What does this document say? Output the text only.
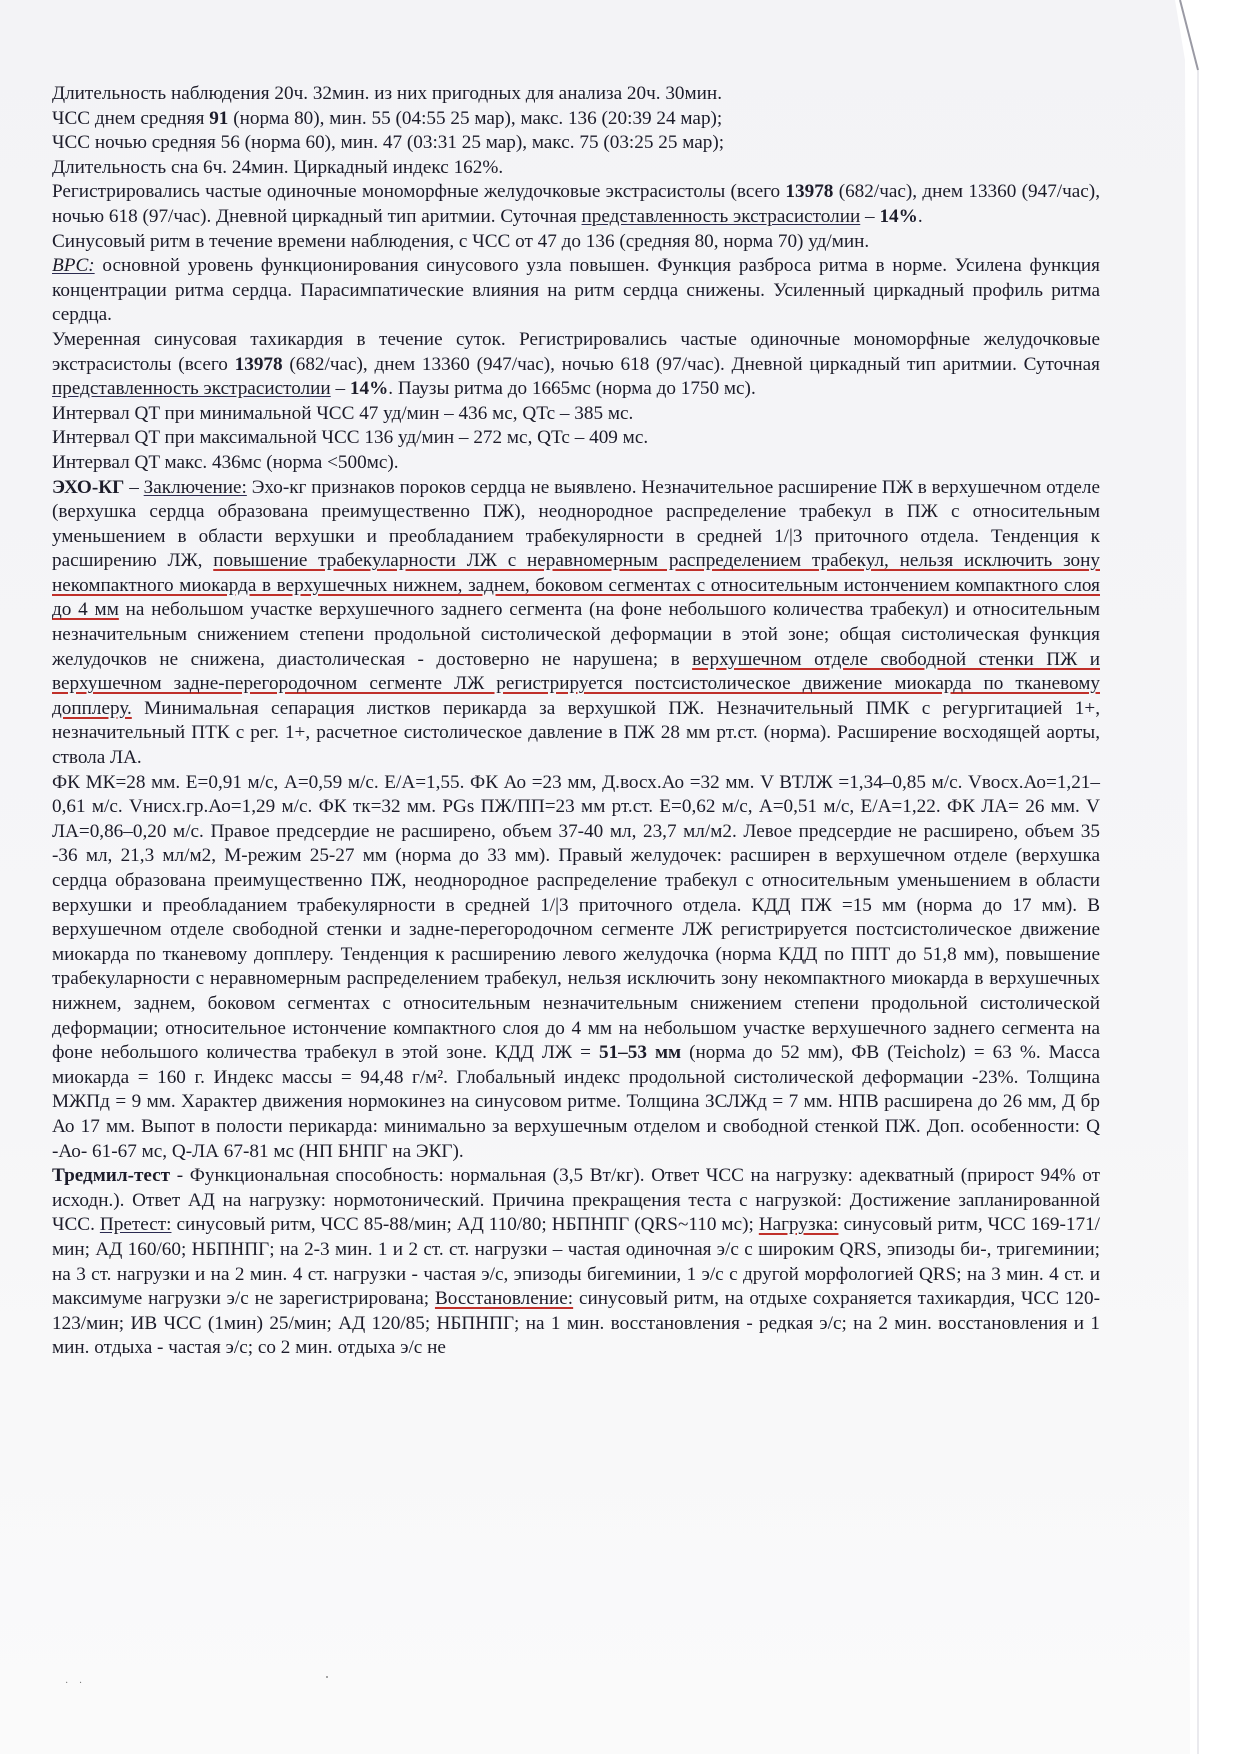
Длительность наблюдения 20ч. 32мин. из них пригодных для анализа 20ч. 30мин.

ЧСС днем средняя 91 (норма 80), мин. 55 (04:55 25 мар), макс. 136 (20:39 24 мар);

ЧСС ночью средняя 56 (норма 60), мин. 47 (03:31 25 мар), макс. 75 (03:25 25 мар);

Длительность сна 6ч. 24мин. Циркадный индекс 162%.

Регистрировались частые одиночные мономорфные желудочковые экстрасистолы (всего 13978 (682/час), днем 13360 (947/час), ночью 618 (97/час). Дневной циркадный тип аритмии. Суточная представленность экстрасистолии – 14%.

Синусовый ритм в течение времени наблюдения, с ЧСС от 47 до 136 (средняя 80, норма 70) уд/мин.

ВРС: основной уровень функционирования синусового узла повышен. Функция разброса ритма в норме. Усилена функция концентрации ритма сердца. Парасимпатические влияния на ритм сердца снижены. Усиленный циркадный профиль ритма сердца.

Умеренная синусовая тахикардия в течение суток. Регистрировались частые одиночные мономорфные желудочковые экстрасистолы (всего 13978 (682/час), днем 13360 (947/час), ночью 618 (97/час). Дневной циркадный тип аритмии. Суточная представленность экстрасистолии – 14%. Паузы ритма до 1665мс (норма до 1750 мс).

Интервал QT при минимальной ЧСС 47 уд/мин – 436 мс, QTc – 385 мс.

Интервал QT при максимальной ЧСС 136 уд/мин – 272 мс, QTc – 409 мс.

Интервал QT макс. 436мс (норма <500мс).

ЭХО-КГ – Заключение: Эхо-кг признаков пороков сердца не выявлено. Незначительное расширение ПЖ в верхушечном отделе (верхушка сердца образована преимущественно ПЖ), неоднородное распределение трабекул в ПЖ с относительным уменьшением в области верхушки и преобладанием трабекулярности в средней 1/|3 приточного отдела. Тенденция к расширению ЛЖ, повышение трабекуларности ЛЖ с неравномерным распределением трабекул, нельзя исключить зону некомпактного миокарда в верхушечных нижнем, заднем, боковом сегментах с относительным истончением компактного слоя до 4 мм на небольшом участке верхушечного заднего сегмента (на фоне небольшого количества трабекул) и относительным незначительным снижением степени продольной систолической деформации в этой зоне; общая систолическая функция желудочков не снижена, диастолическая - достоверно не нарушена; в верхушечном отделе свободной стенки ПЖ и верхушечном задне-перегородочном сегменте ЛЖ регистрируется постсистолическое движение миокарда по тканевому допплеру. Минимальная сепарация листков перикарда за верхушкой ПЖ. Незначительный ПМК с регургитацией 1+, незначительный ПТК с рег. 1+, расчетное систолическое давление в ПЖ 28 мм рт.ст. (норма). Расширение восходящей аорты, ствола ЛА.

ФК МК=28 мм. Е=0,91 м/с, А=0,59 м/с. Е/А=1,55. ФК Ао =23 мм, Д.восх.Ао =32 мм. V ВТЛЖ =1,34–0,85 м/с. Vвосх.Ао=1,21–0,61 м/с. Vнисх.гр.Ао=1,29 м/с. ФК тк=32 мм. PGs ПЖ/ПП=23 мм рт.ст. Е=0,62 м/с, А=0,51 м/с, Е/А=1,22. ФК ЛА= 26 мм. V ЛА=0,86–0,20 м/с. Правое предсердие не расширено, объем 37-40 мл, 23,7 мл/м2. Левое предсердие не расширено, объем 35 -36 мл, 21,3 мл/м2, М-режим 25-27 мм (норма до 33 мм). Правый желудочек: расширен в верхушечном отделе (верхушка сердца образована преимущественно ПЖ, неоднородное распределение трабекул с относительным уменьшением в области верхушки и преобладанием трабекулярности в средней 1/|3 приточного отдела. КДД ПЖ =15 мм (норма до 17 мм). В верхушечном отделе свободной стенки и задне-перегородочном сегменте ЛЖ регистрируется постсистолическое движение миокарда по тканевому допплеру. Тенденция к расширению левого желудочка (норма КДД по ППТ до 51,8 мм), повышение трабекуларности с неравномерным распределением трабекул, нельзя исключить зону некомпактного миокарда в верхушечных нижнем, заднем, боковом сегментах с относительным незначительным снижением степени продольной систолической деформации; относительное истончение компактного слоя до 4 мм на небольшом участке верхушечного заднего сегмента на фоне небольшого количества трабекул в этой зоне. КДД ЛЖ = 51–53 мм (норма до 52 мм), ФВ (Teicholz) = 63 %. Масса миокарда = 160 г. Индекс массы = 94,48 г/м². Глобальный индекс продольной систолической деформации -23%. Толщина МЖПд = 9 мм. Характер движения нормокинез на синусовом ритме. Толщина ЗСЛЖд = 7 мм. НПВ расширена до 26 мм, Д бр Ао 17 мм. Выпот в полости перикарда: минимально за верхушечным отделом и свободной стенкой ПЖ. Доп. особенности: Q -Ао- 61-67 мс, Q-ЛА 67-81 мс (НП БНПГ на ЭКГ).

Тредмил-тест - Функциональная способность: нормальная (3,5 Вт/кг). Ответ ЧСС на нагрузку: адекватный (прирост 94% от исходн.). Ответ АД на нагрузку: нормотонический. Причина прекращения теста с нагрузкой: Достижение запланированной ЧСС. Претест: синусовый ритм, ЧСС 85-88/мин; АД 110/80; НБПНПГ (QRS~110 мс); Нагрузка: синусовый ритм, ЧСС 169-171/мин; АД 160/60; НБПНПГ; на 2-3 мин. 1 и 2 ст. ст. нагрузки – частая одиночная э/с с широким QRS, эпизоды би-, тригеминии; на 3 ст. нагрузки и на 2 мин. 4 ст. нагрузки - частая э/с, эпизоды бигеминии, 1 э/с с другой морфологией QRS; на 3 мин. 4 ст. и максимуме нагрузки э/с не зарегистрирована; Восстановление: синусовый ритм, на отдыхе сохраняется тахикардия, ЧСС 120-123/мин; ИВ ЧСС (1мин) 25/мин; АД 120/85; НБПНПГ; на 1 мин. восстановления - редкая э/с; на 2 мин. восстановления и 1 мин. отдыха - частая э/с; со 2 мин. отдыха э/с не

· ·
